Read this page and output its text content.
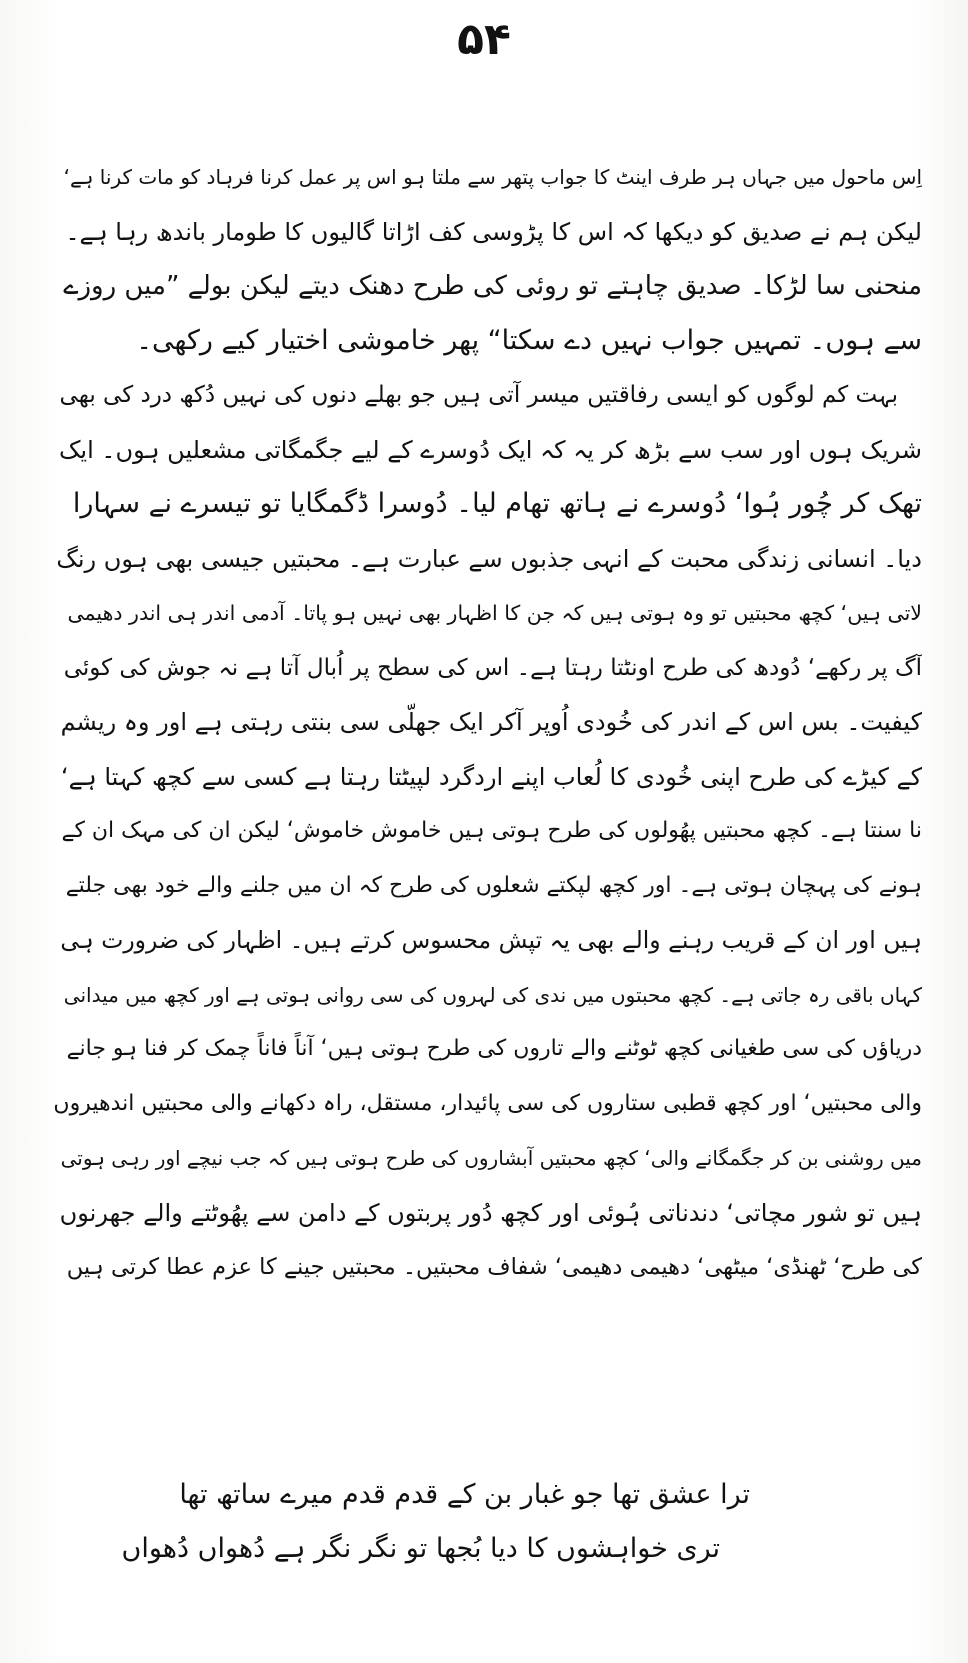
۵۴
اِس ماحول میں جہاں ہر طرف اینٹ کا جواب پتھر سے ملتا ہو اس پر عمل کرنا فرہاد کو مات کرنا ہے‘
لیکن ہم نے صدیق کو دیکھا کہ اس کا پڑوسی کف اڑاتا گالیوں کا طومار باندھ رہا ہے۔
منحنی سا لڑکا۔ صدیق چاہتے تو روئی کی طرح دھنک دیتے لیکن بولے ”میں روزے
سے ہوں۔ تمہیں جواب نہیں دے سکتا“ پھر خاموشی اختیار کیے رکھی۔
بہت کم لوگوں کو ایسی رفاقتیں میسر آتی ہیں جو بھلے دنوں کی نہیں دُکھ درد کی بھی
شریک ہوں اور سب سے بڑھ کر یہ کہ ایک دُوسرے کے لیے جگمگاتی مشعلیں ہوں۔ ایک
تھک کر چُور ہُوا‘ دُوسرے نے ہاتھ تھام لیا۔ دُوسرا ڈگمگایا تو تیسرے نے سہارا
دیا۔ انسانی زندگی محبت کے انہی جذبوں سے عبارت ہے۔ محبتیں جیسی بھی ہوں رنگ
لاتی ہیں‘ کچھ محبتیں تو وہ ہوتی ہیں کہ جن کا اظہار بھی نہیں ہو پاتا۔ آدمی اندر ہی اندر دھیمی
آگ پر رکھے‘ دُودھ کی طرح اونٹتا رہتا ہے۔ اس کی سطح پر اُبال آتا ہے نہ جوش کی کوئی
کیفیت۔ بس اس کے اندر کی خُودی اُوپر آکر ایک جھلّی سی بنتی رہتی ہے اور وہ ریشم
کے کیڑے کی طرح اپنی خُودی کا لُعاب اپنے اردگرد لپیٹتا رہتا ہے کسی سے کچھ کہتا ہے‘
نا سنتا ہے۔ کچھ محبتیں پھُولوں کی طرح ہوتی ہیں خاموش خاموش‘ لیکن ان کی مہک ان کے
ہونے کی پہچان ہوتی ہے۔ اور کچھ لپکتے شعلوں کی طرح کہ ان میں جلنے والے خود بھی جلتے
ہیں اور ان کے قریب رہنے والے بھی یہ تپش محسوس کرتے ہیں۔ اظہار کی ضرورت ہی
کہاں باقی رہ جاتی ہے۔ کچھ محبتوں میں ندی کی لہروں کی سی روانی ہوتی ہے اور کچھ میں میدانی
دریاؤں کی سی طغیانی کچھ ٹوٹنے والے تاروں کی طرح ہوتی ہیں‘ آناً فاناً چمک کر فنا ہو جانے
والی محبتیں‘ اور کچھ قطبی ستاروں کی سی پائیدار، مستقل، راہ دکھانے والی محبتیں اندھیروں
میں روشنی بن کر جگمگانے والی‘ کچھ محبتیں آبشاروں کی طرح ہوتی ہیں کہ جب نیچے اور رہی ہوتی
ہیں تو شور مچاتی‘ دندناتی ہُوئی اور کچھ دُور پربتوں کے دامن سے پھُوٹتے والے جھرنوں
کی طرح‘ ٹھنڈی‘ میٹھی‘ دھیمی دھیمی‘ شفاف محبتیں۔ محبتیں جینے کا عزم عطا کرتی ہیں
ترا عشق تھا جو غبار بن کے قدم قدم میرے ساتھ تھا
تری خواہشوں کا دیا بُجھا تو نگر نگر ہے دُھواں دُھواں
